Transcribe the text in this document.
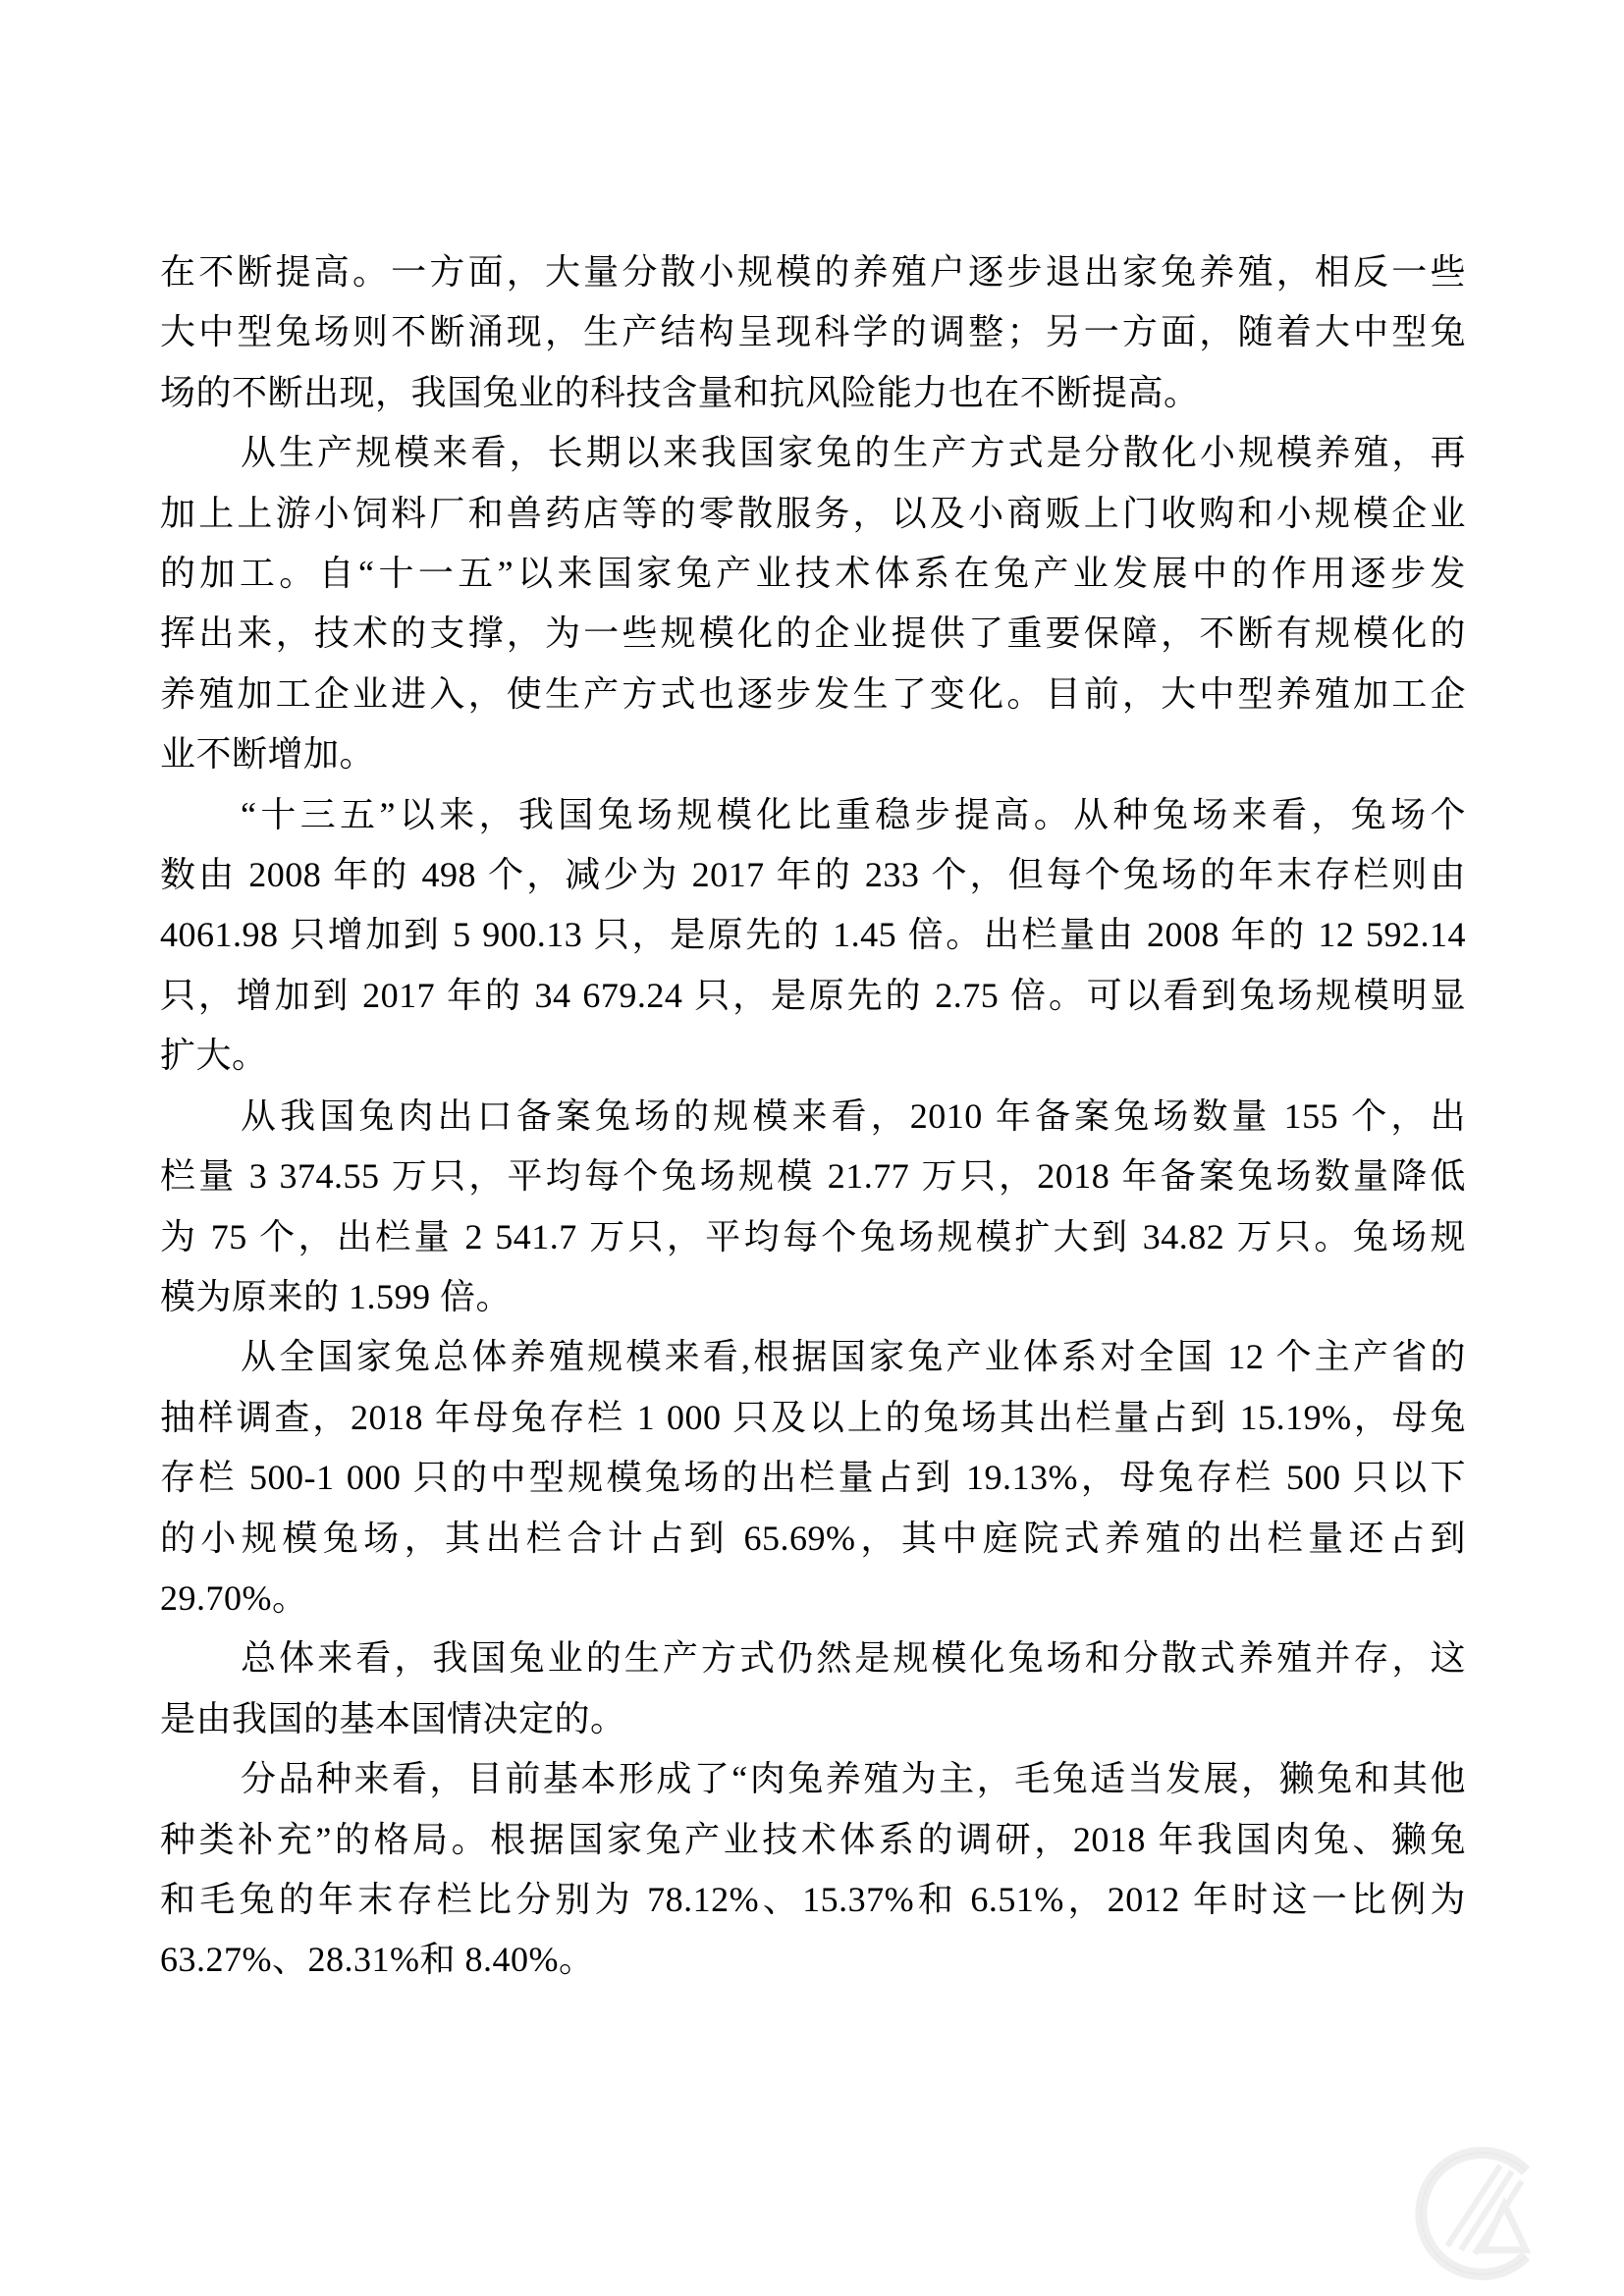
在不断提高。一方面，大量分散小规模的养殖户逐步退出家兔养殖，相反一些
大中型兔场则不断涌现，生产结构呈现科学的调整；另一方面，随着大中型兔
场的不断出现，我国兔业的科技含量和抗风险能力也在不断提高。
从生产规模来看，长期以来我国家兔的生产方式是分散化小规模养殖，再
加上上游小饲料厂和兽药店等的零散服务，以及小商贩上门收购和小规模企业
的加工。自“十一五”以来国家兔产业技术体系在兔产业发展中的作用逐步发
挥出来，技术的支撑，为一些规模化的企业提供了重要保障，不断有规模化的
养殖加工企业进入，使生产方式也逐步发生了变化。目前，大中型养殖加工企
业不断增加。
“十三五”以来，我国兔场规模化比重稳步提高。从种兔场来看，兔场个
数由 2008 年的 498 个，减少为 2017 年的 233 个，但每个兔场的年末存栏则由
4061.98 只增加到 5 900.13 只，是原先的 1.45 倍。出栏量由 2008 年的 12 592.14
只，增加到 2017 年的 34 679.24 只，是原先的 2.75 倍。可以看到兔场规模明显
扩大。
从我国兔肉出口备案兔场的规模来看，2010 年备案兔场数量 155 个，出
栏量 3 374.55 万只，平均每个兔场规模 21.77 万只，2018 年备案兔场数量降低
为 75 个，出栏量 2 541.7 万只，平均每个兔场规模扩大到 34.82 万只。兔场规
模为原来的 1.599 倍。
从全国家兔总体养殖规模来看,根据国家兔产业体系对全国 12 个主产省的
抽样调查，2018 年母兔存栏 1 000 只及以上的兔场其出栏量占到 15.19%，母兔
存栏 500-1 000 只的中型规模兔场的出栏量占到 19.13%，母兔存栏 500 只以下
的小规模兔场，其出栏合计占到 65.69%，其中庭院式养殖的出栏量还占到
29.70%。
总体来看，我国兔业的生产方式仍然是规模化兔场和分散式养殖并存，这
是由我国的基本国情决定的。
分品种来看，目前基本形成了“肉兔养殖为主，毛兔适当发展，獭兔和其他
种类补充”的格局。根据国家兔产业技术体系的调研，2018 年我国肉兔、獭兔
和毛兔的年末存栏比分别为 78.12%、15.37%和 6.51%，2012 年时这一比例为
63.27%、28.31%和 8.40%。
